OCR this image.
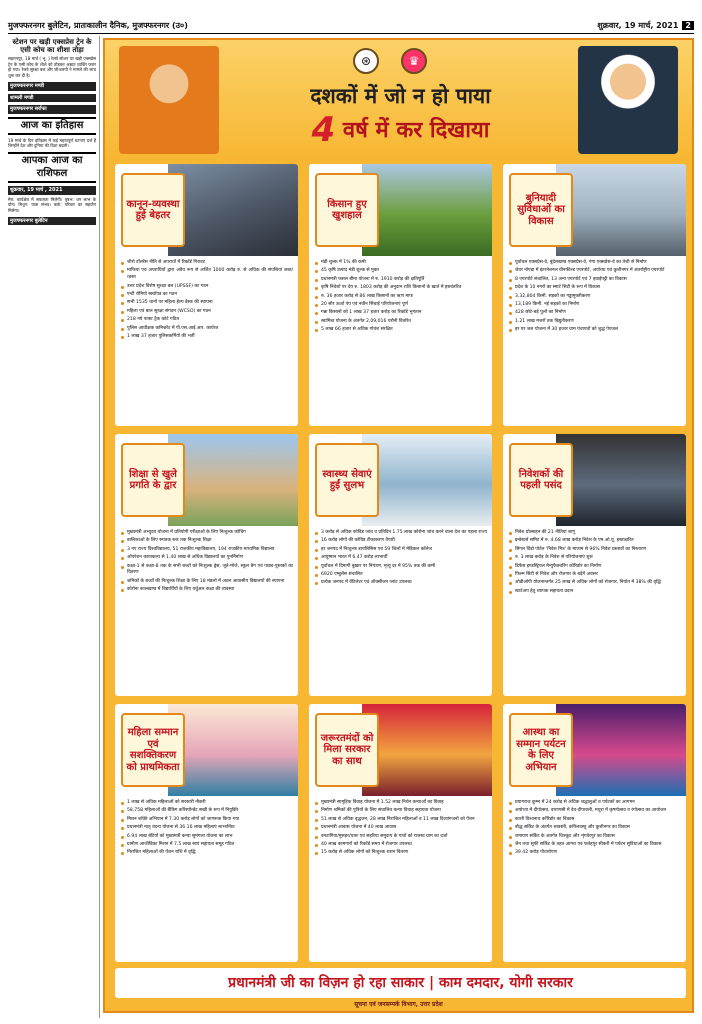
मुजफ्फरनगर बुलेटिन, प्रातःकालीन दैनिक, मुजफ्फरनगर (उ०)	शुक्रवार, 19 मार्च, 2021 2
स्टेशन पर खड़ी एक्सप्रेस ट्रेन के एसी कोच का शीशा तोड़ा

सहारनपुर, 18 मार्च ( भू. ) रेलवे स्टेशन पर खड़ी एक्सप्रेस ट्रेन के एसी कोच के शीशे को तोड़कर अज्ञात व्यक्ति फरार हो गया। रेलवे सुरक्षा बल और जीआरपी ने मामले की जांच शुरू कर दी है।

मुजफ्फरनगर मण्डी
शामली मण्डी
मुजफ्फरनगर सर्राफा
आज का इतिहास

19 मार्च के दिन इतिहास में कई महत्वपूर्ण घटनाएं दर्ज हैं जिन्होंने देश और दुनिया की दिशा बदली।

आपका आज का राशिफल
शुक्रवार, 19 मार्च , 2021

मेष: कार्यक्षेत्र में सफलता मिलेगी। वृषभ: धन लाभ के योग। मिथुन: यात्रा संभव। कर्क: परिवार का सहयोग मिलेगा।

मुजफ्फरनगर बुलेटिन
⊛	♛
दशकों में जो न हो पाया
4 वर्ष में कर दिखाया
कानून-व्यवस्था हुई बेहतर
जीरो टॉलरेंस नीति से अपराधों में रिकॉर्ड गिरावट
माफिया एवं अपराधियों द्वारा अवैध रूप से अर्जित 1000 करोड़ रु. से अधिक की संपत्तियां जब्त/ध्वस्त
उत्तर प्रदेश विशेष सुरक्षा बल (UPSSF) का गठन
एन्टी रोमियो स्क्वॉयड का गठन
सभी 1535 थानों पर महिला हेल्प डेस्क की स्थापना
महिला एवं बाल सुरक्षा संगठन (WCSO) का गठन
218 नये फास्ट ट्रैक कोर्ट गठित
पुलिस आधीक्षक कमिश्नरेट में पी.एस.आई.आर. कार्यरत
1 लाख 37 हजार पुलिसकर्मियों की भर्ती
किसान हुए खुशहाल
मंडी शुल्क में 1% की कमी
45 कृषि उत्पाद मंडी शुल्क से मुक्त
प्रधानमंत्री फसल बीमा योजना में रु. 1910 करोड़ की क्षतिपूर्ति
कृषि निवेशों पर देय रु. 1803 करोड़ की अनुदान राशि किसानों के खाते में हस्तांतरित
रु. 36 हजार करोड़ से 86 लाख किसानों का ऋण माफ
20 सौर ऊर्जा पंप एवं नवीन सिंचाई परियोजनाएं पूर्ण
गन्ना किसानों को 1 लाख 37 हजार करोड़ का रिकॉर्ड भुगतान
स्वामित्व योजना के अंतर्गत 2,09,016 घरौनी वितरित
5 लाख 66 हजार से अधिक गोवंश संरक्षित
बुनियादी सुविधाओं का विकास
पूर्वांचल एक्सप्रेस-वे, बुंदेलखण्ड एक्सप्रेस-वे, गंगा एक्सप्रेस-वे का तेजी से निर्माण
जेवर नोएडा में इंटरनेशनल ग्रीनफील्ड एयरपोर्ट, अयोध्या एवं कुशीनगर में अंतर्राष्ट्रीय एयरपोर्ट
8 एयरपोर्ट संचालित, 13 अन्य एयरपोर्ट एवं 7 हवाईपट्टी का विकास
प्रदेश के 10 नगरों का स्मार्ट सिटी के रूप में विकास
3,32,804 किमी. सड़कों का गड्ढामुक्तीकरण
13,189 किमी. नई सड़कों का निर्माण
428 छोटे-बड़े पुलों का निर्माण
1.21 लाख मजरों तक विद्युतीकरण
हर घर जल योजना में 30 हजार ग्राम पंचायतों को शुद्ध पेयजल
शिक्षा से खुले प्रगति के द्वार
मुख्यमंत्री अभ्युदय योजना में प्रतियोगी परीक्षाओं के लिए निःशुल्क कोचिंग
बालिकाओं के लिए स्नातक स्तर तक निःशुल्क शिक्षा
3 नए राज्य विश्वविद्यालय, 51 राजकीय महाविद्यालय, 194 राजकीय माध्यमिक विद्यालय
ऑपरेशन कायाकल्प से 1.40 लाख से अधिक विद्यालयों का पुनर्निर्माण
कक्षा-1 से कक्षा-8 तक के सभी बच्चों को निःशुल्क ड्रेस, जूते-मोजे, स्कूल बैग एवं पाठ्य-पुस्तकों का वितरण
श्रमिकों के बच्चों की निःशुल्क शिक्षा के लिए 18 मंडलों में अटल आवासीय विद्यालयों की स्थापना
कोरोना कालखण्ड में विद्यार्थियों के लिए वर्चुअल कक्षा की व्यवस्था
स्वास्थ्य सेवाएं हुईं सुलभ
3 करोड़ से अधिक कोविड जांच व प्रतिदिन 1.75 लाख कोरोना जांच करने वाला देश का पहला राज्य
16 करोड़ लोगों की कोविड टीकाकरण तैयारी
हर जनपद में निःशुल्क डायलिसिस एवं 59 जिलों में मेडिकल कॉलेज
आयुष्मान भारत में 6.47 करोड़ लाभार्थी
पूर्वांचल में दिमागी बुखार पर नियंत्रण, मृत्यु दर में 95% तक की कमी
6920 एम्बुलेंस संचालित
प्रत्येक जनपद में वेंटिलेटर एवं ऑक्सीजन प्लांट उपलब्ध
निवेशकों की पहली पसंद
निवेश प्रोत्साहन की 21 नीतियां लागू
इन्वेस्टर्स समिट में रु. 4.68 लाख करोड़ निवेश के एम.ओ.यू. हस्ताक्षरित
सिंगल विंडो पोर्टल 'निवेश मित्र' के माध्यम से 96% निवेश प्रस्तावों का निस्तारण
रु. 3 लाख करोड़ के निवेश से परियोजनाएं शुरू
डिफेंस इण्डस्ट्रियल मैन्युफैक्चरिंग कॉरिडोर का निर्माण
फिल्म सिटी से निवेश और रोजगार के बढ़ेंगे अवसर
ओडीओपी योजनान्तर्गत 25 लाख से अधिक लोगों को रोजगार, निर्यात में 38% की वृद्धि
स्टार्टअप हेतु व्यापक सहायता प्रदान
महिला सम्मान एवं सशक्तिकरण को प्राथमिकता
1 लाख से अधिक महिलाओं को सरकारी नौकरी
58,758 महिलाओं की बैंकिंग कॉरेस्पॉन्डेंट सखी के रूप में नियुक्ति
मिशन शक्ति अभियान में 7.30 करोड़ लोगों को जागरूक किया गया
प्रधानमंत्री मातृ वंदना योजना से 36.16 लाख महिलाएं लाभान्वित
6.94 लाख बेटियों को मुख्यमंत्री कन्या सुमंगला योजना का लाभ
ग्रामीण आजीविका मिशन में 7.5 लाख स्वयं सहायता समूह गठित
निराश्रित महिलाओं की पेंशन राशि में वृद्धि
जरूरतमंदों को मिला सरकार का साथ
मुख्यमंत्री सामूहिक विवाह योजना में 1.52 लाख निर्धन कन्याओं का विवाह
निर्माण श्रमिकों की पुत्रियों के लिए संचालित कन्या विवाह सहायता योजना
51 लाख से अधिक वृद्धजन, 28 लाख निराश्रित महिलाओं व 11 लाख दिव्यांगजनों को पेंशन
प्रधानमंत्री आवास योजना में 40 लाख आवास
वनटांगिया/मुसहर/थारू एवं सहरिया समुदाय के गांवों को राजस्व ग्राम का दर्जा
40 लाख कामगारों को रिकॉर्ड समय में रोजगार उपलब्ध
15 करोड़ से अधिक लोगों को निःशुल्क राशन वितरण
आस्था का सम्मान पर्यटन के लिए अभियान
प्रयागराज कुम्भ में 24 करोड़ से अधिक श्रद्धालुओं व पर्यटकों का आगमन
अयोध्या में दीपोत्सव, वाराणसी में देव-दीपावली, मथुरा में कृष्णोत्सव व रंगोत्सव का आयोजन
काशी विश्वनाथ कॉरिडोर का विकास
बौद्ध सर्किट के अंतर्गत श्रावस्ती, कपिलवस्तु और कुशीनगर का विकास
रामायण सर्किट के अंतर्गत चित्रकूट और शृंगवेरपुर का विकास
जैन तथा सूफी सर्किट के तहत आगरा एवं फतेहपुर सीकरी में पर्यटन सुविधाओं का विकास
39.42 करोड़ पौधारोपण
प्रधानमंत्री जी का विज़न हो रहा साकार | काम दमदार, योगी सरकार
सूचना एवं जनसम्पर्क विभाग, उत्तर प्रदेश
